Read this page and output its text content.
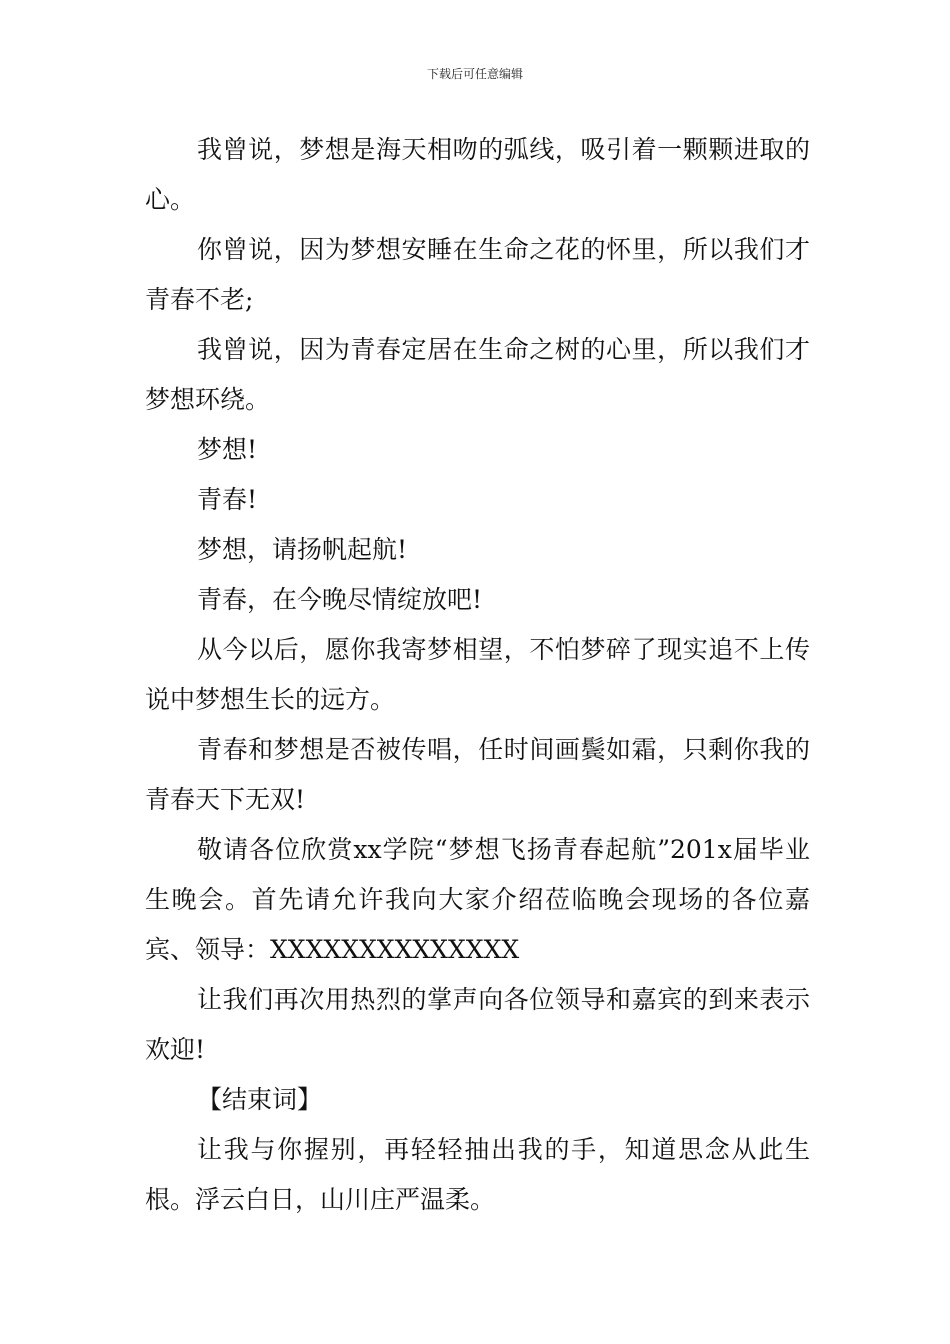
下载后可任意编辑

我曾说，梦想是海天相吻的弧线，吸引着一颗颗进取的心。

你曾说，因为梦想安睡在生命之花的怀里，所以我们才青春不老;

我曾说，因为青春定居在生命之树的心里，所以我们才梦想环绕。

梦想!

青春!

梦想，请扬帆起航!

青春，在今晚尽情绽放吧!

从今以后，愿你我寄梦相望，不怕梦碎了现实追不上传说中梦想生长的远方。

青春和梦想是否被传唱，任时间画鬓如霜，只剩你我的青春天下无双!

敬请各位欣赏xx学院“梦想飞扬青春起航”201x届毕业生晚会。首先请允许我向大家介绍莅临晚会现场的各位嘉宾、领导：XXXXXXXXXXXXXX

让我们再次用热烈的掌声向各位领导和嘉宾的到来表示欢迎!

【结束词】

让我与你握别，再轻轻抽出我的手，知道思念从此生根。浮云白日，山川庄严温柔。
